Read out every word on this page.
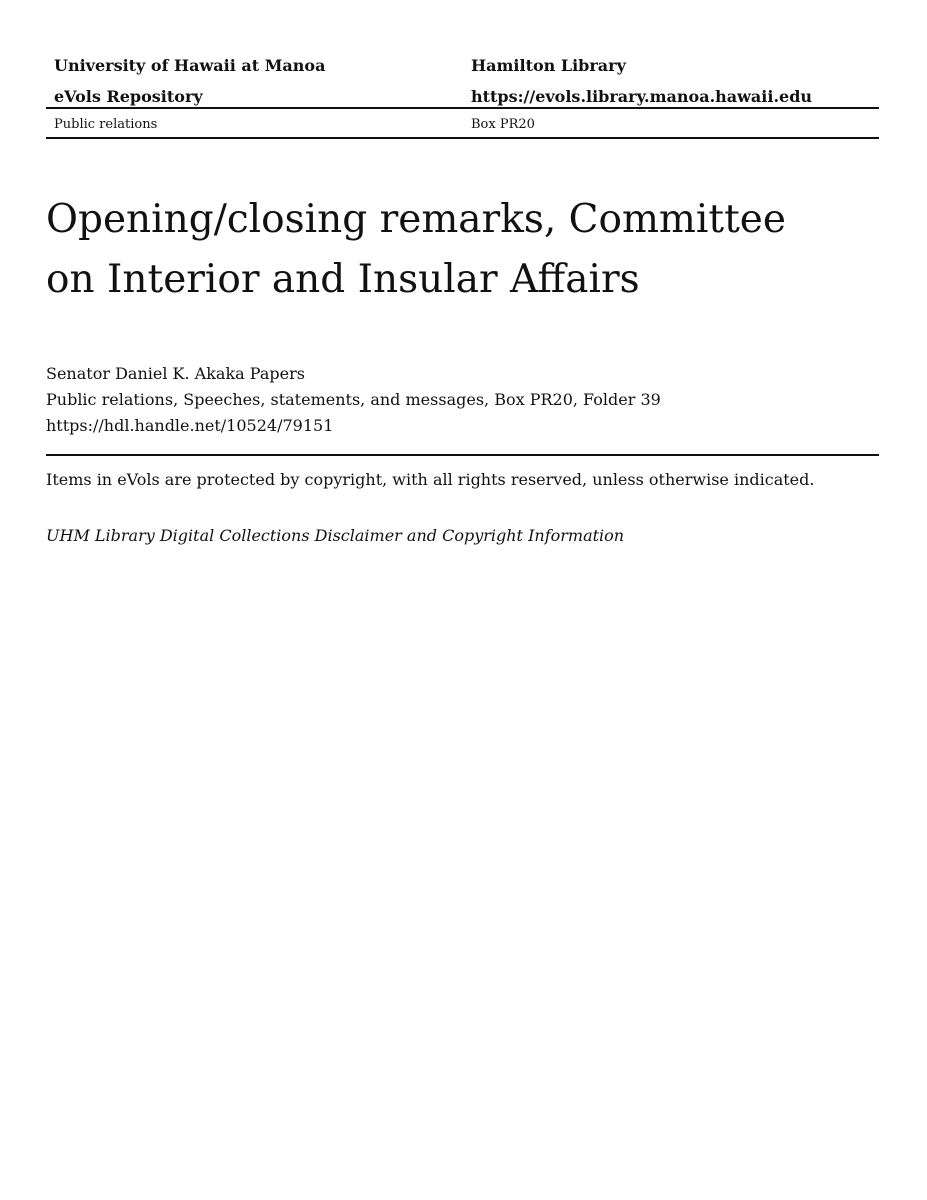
University of Hawaii at Manoa	Hamilton Library
eVols Repository	https://evols.library.manoa.hawaii.edu
Public relations	Box PR20
Opening/closing remarks, Committee on Interior and Insular Affairs
Senator Daniel K. Akaka Papers
Public relations, Speeches, statements, and messages, Box PR20, Folder 39
https://hdl.handle.net/10524/79151
Items in eVols are protected by copyright, with all rights reserved, unless otherwise indicated.
UHM Library Digital Collections Disclaimer and Copyright Information
